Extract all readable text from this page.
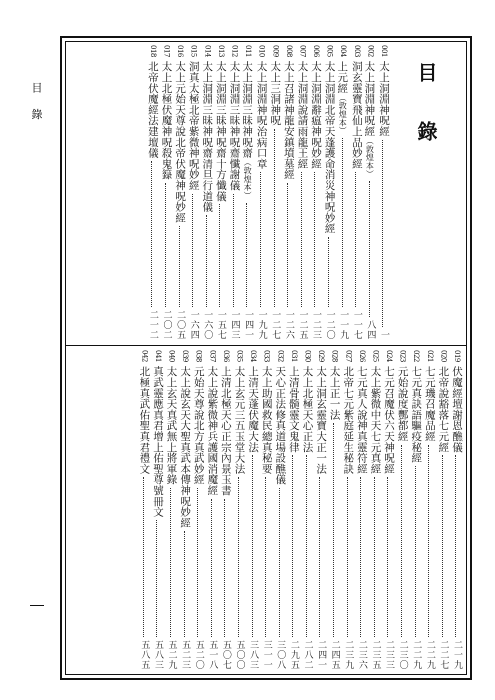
目 錄	目 錄
001
太上洞淵神呪經
一
002
太上洞淵神呪經（敦煌本）
八四
003
洞玄靈寶飛仙上品妙經
一一七
004
上元經（敦煌本）
一一九
005
太上洞淵北帝天蓬護命消災神呪妙經
一二〇
006
太上洞淵辭瘟神呪妙經
一二三
007
太上洞淵說請雨龍王經
一二五
008
太上召諸神龍安鎮墳墓經
一二六
009
太上三洞神呪
一二七
010
太上洞淵神呪治病口章
一九九
011
太上洞淵三昧神呪齋（敦煌本）
一四一
012
太上洞淵三昧神呪齋懺謝儀
一四三
013
太上洞淵三昧神呪齋十方懺儀
一五七
014
太上洞淵三昧神呪齋清旦行道儀
一六〇
015
洞真太極北帝紫微神呪妙經
一六四
016
太上元始天尊說北帝伏魔神呪妙經
二〇五
017
太上北極伏魔神呪殺鬼籙
二〇二
018
北帝伏魔經法建壇儀
二一二
019
伏魔經壇謝恩醮儀
二一九
020
北帝說豁落七元經
二二七
021
七元璣召魔品經
二二九
022
七元真訣語驅疫秘經
二二九
023
元始說度酆都經
二三〇
024
七元召魔伏六天神呪經
二三三
025
太上紫微中天七元真經
二三五
026
七元真人說神真靈符經
二三六
027
北帝七元紫庭延生秘訣
二三九
028
太上正一法
二四五
029
太上洞玄靈寶大正一法
二四一
030
太上北極天心正法
二八二
031
上清骨髓靈文鬼律
二九五
032
天心正法修真道場設醮儀
三〇八
033
太上助國救民總真秘要
三一一
034
上清天蓬伏魔大法
三八三
035
太上玄元三五玉堂大法
五〇〇
036
上清北極天心正宗內景玉書
五〇七
037
太上說紫微神兵護國消魔經
五一八
038
元始天尊說北方真武妙經
五二〇
039
太上說玄天大聖真武本傳神呪妙經
五二三
040
太上玄天真武無上將軍錄
五二九
041
真武靈應真君增上佑聖尊號冊文
五八三
042
北極真武佑聖真君禮文
五八五
